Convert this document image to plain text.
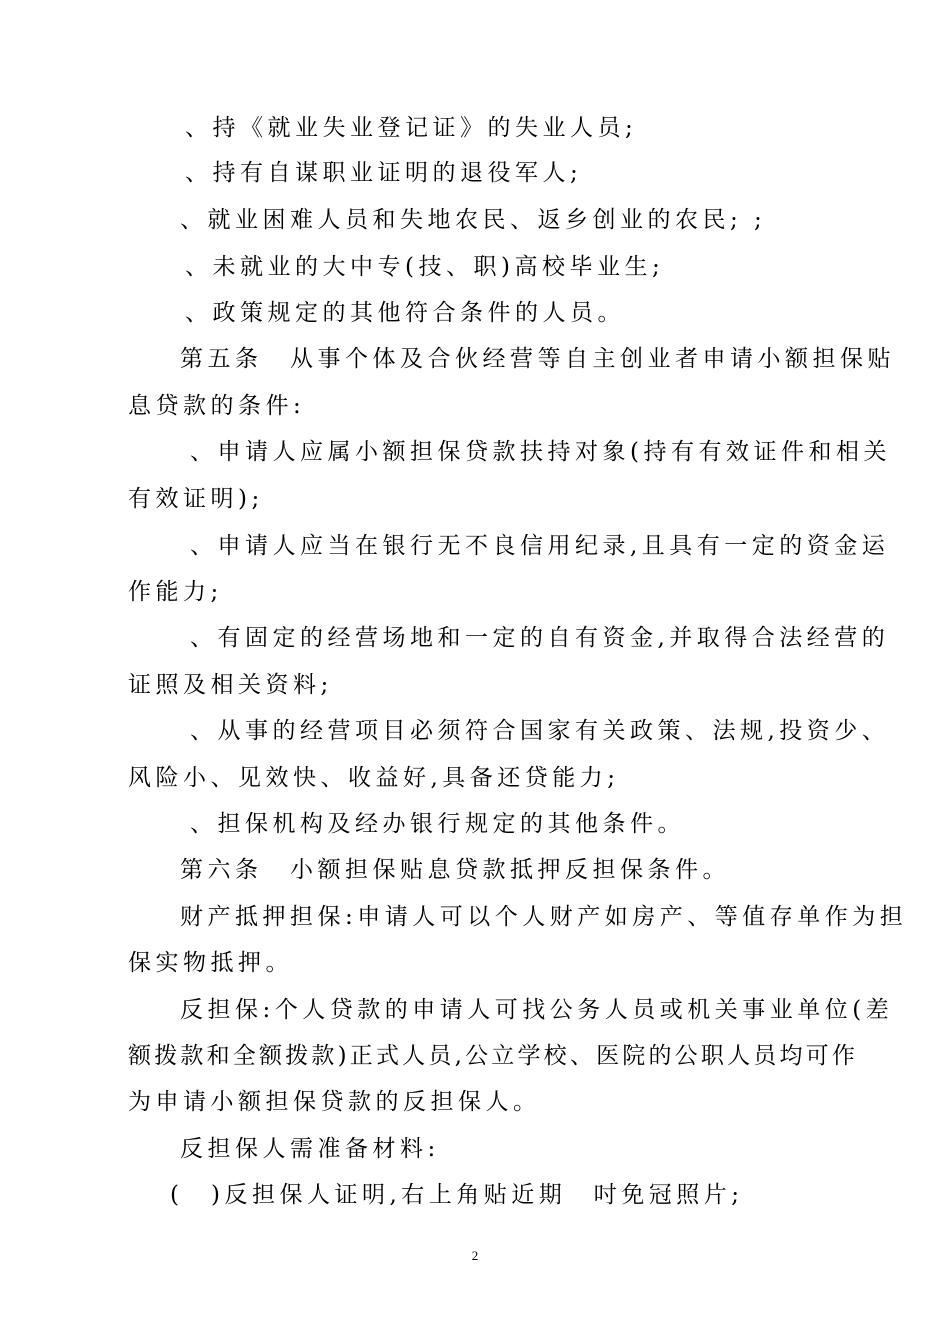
、持《就业失业登记证》的失业人员;
、持有自谋职业证明的退役军人;
、就业困难人员和失地农民、返乡创业的农民; ;
、未就业的大中专(技、职)高校毕业生;
、政策规定的其他符合条件的人员。
第五条　从事个体及合伙经营等自主创业者申请小额担保贴
息贷款的条件:
、申请人应属小额担保贷款扶持对象(持有有效证件和相关
有效证明);
、申请人应当在银行无不良信用纪录,且具有一定的资金运
作能力;
、有固定的经营场地和一定的自有资金,并取得合法经营的
证照及相关资料;
、从事的经营项目必须符合国家有关政策、法规,投资少、
风险小、见效快、收益好,具备还贷能力;
、担保机构及经办银行规定的其他条件。
第六条　小额担保贴息贷款抵押反担保条件。
财产抵押担保:申请人可以个人财产如房产、等值存单作为担
保实物抵押。
反担保:个人贷款的申请人可找公务人员或机关事业单位(差
额拨款和全额拨款)正式人员,公立学校、医院的公职人员均可作
为申请小额担保贷款的反担保人。
反担保人需准备材料:
(　)反担保人证明,右上角贴近期　吋免冠照片;
2
